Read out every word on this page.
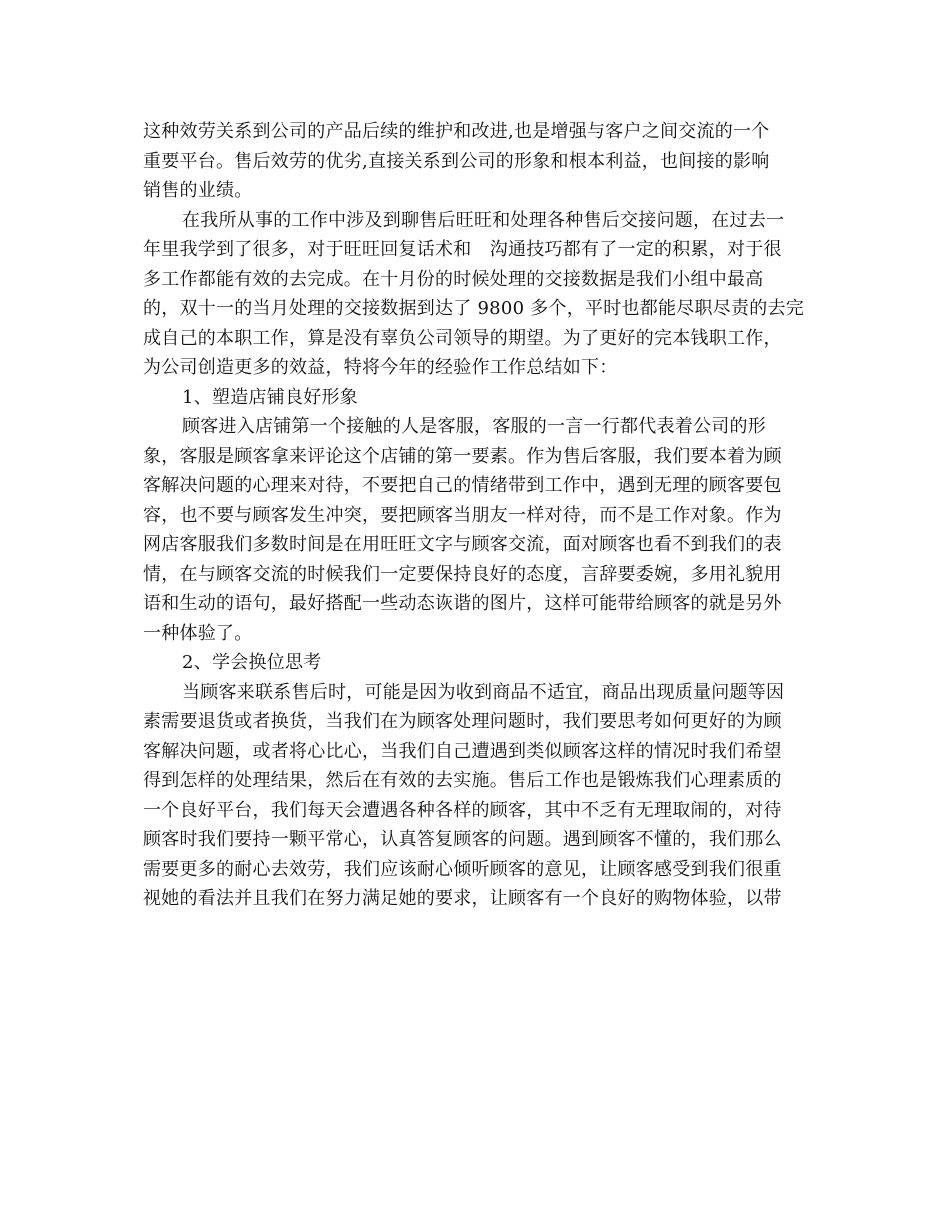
这种效劳关系到公司的产品后续的维护和改进,也是增强与客户之间交流的一个
重要平台。售后效劳的优劣,直接关系到公司的形象和根本利益，也间接的影响
销售的业绩。
在我所从事的工作中涉及到聊售后旺旺和处理各种售后交接问题，在过去一
年里我学到了很多，对于旺旺回复话术和　沟通技巧都有了一定的积累，对于很
多工作都能有效的去完成。在十月份的时候处理的交接数据是我们小组中最高
的，双十一的当月处理的交接数据到达了 9800 多个，平时也都能尽职尽责的去完
成自己的本职工作，算是没有辜负公司领导的期望。为了更好的完本钱职工作，
为公司创造更多的效益，特将今年的经验作工作总结如下：
1、塑造店铺良好形象
顾客进入店铺第一个接触的人是客服，客服的一言一行都代表着公司的形
象，客服是顾客拿来评论这个店铺的第一要素。作为售后客服，我们要本着为顾
客解决问题的心理来对待，不要把自己的情绪带到工作中，遇到无理的顾客要包
容，也不要与顾客发生冲突，要把顾客当朋友一样对待，而不是工作对象。作为
网店客服我们多数时间是在用旺旺文字与顾客交流，面对顾客也看不到我们的表
情，在与顾客交流的时候我们一定要保持良好的态度，言辞要委婉，多用礼貌用
语和生动的语句，最好搭配一些动态诙谐的图片，这样可能带给顾客的就是另外
一种体验了。
2、学会换位思考
当顾客来联系售后时，可能是因为收到商品不适宜，商品出现质量问题等因
素需要退货或者换货，当我们在为顾客处理问题时，我们要思考如何更好的为顾
客解决问题，或者将心比心，当我们自己遭遇到类似顾客这样的情况时我们希望
得到怎样的处理结果，然后在有效的去实施。售后工作也是锻炼我们心理素质的
一个良好平台，我们每天会遭遇各种各样的顾客，其中不乏有无理取闹的，对待
顾客时我们要持一颗平常心，认真答复顾客的问题。遇到顾客不懂的，我们那么
需要更多的耐心去效劳，我们应该耐心倾听顾客的意见，让顾客感受到我们很重
视她的看法并且我们在努力满足她的要求，让顾客有一个良好的购物体验，以带
